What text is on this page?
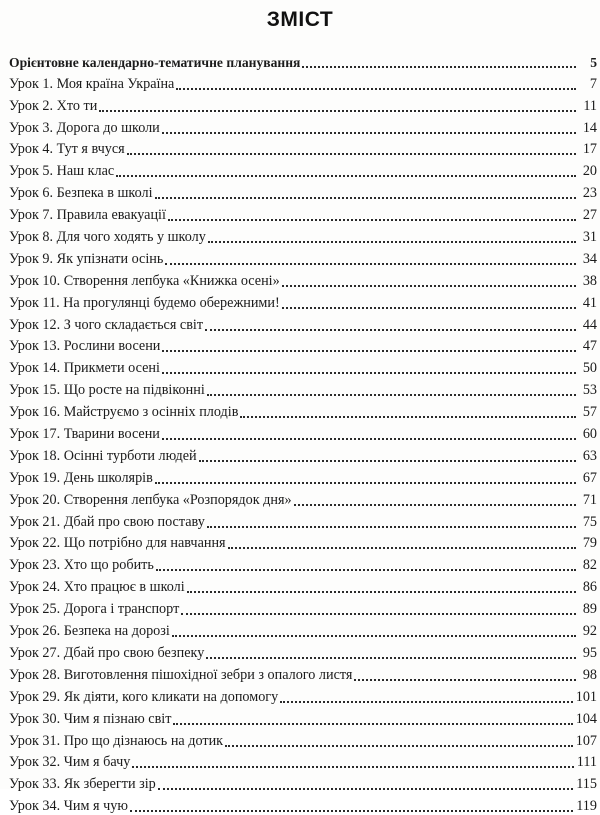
ЗМІСТ
Орієнтовне календарно-тематичне планування	5
Урок 1. Моя країна Україна	7
Урок 2. Хто ти	11
Урок 3. Дорога до школи	14
Урок 4. Тут я вчуся	17
Урок 5. Наш клас	20
Урок 6. Безпека в школі	23
Урок 7. Правила евакуації	27
Урок 8. Для чого ходять у школу	31
Урок 9. Як упізнати осінь	34
Урок 10. Створення лепбука «Книжка осені»	38
Урок 11. На прогулянці будемо обережними!	41
Урок 12. З чого складається світ	44
Урок 13. Рослини восени	47
Урок 14. Прикмети осені	50
Урок 15. Що росте на підвіконні	53
Урок 16. Майструємо з осінніх плодів	57
Урок 17. Тварини восени	60
Урок 18. Осінні турботи людей	63
Урок 19. День школярів	67
Урок 20. Створення лепбука «Розпорядок дня»	71
Урок 21. Дбай про свою поставу	75
Урок 22. Що потрібно для навчання	79
Урок 23. Хто що робить	82
Урок 24. Хто працює в школі	86
Урок 25. Дорога і транспорт	89
Урок 26. Безпека на дорозі	92
Урок 27. Дбай про свою безпеку	95
Урок 28. Виготовлення пішохідної зебри з опалого листя	98
Урок 29. Як діяти, кого кликати на допомогу	101
Урок 30. Чим я пізнаю світ	104
Урок 31. Про що дізнаюсь на дотик	107
Урок 32. Чим я бачу	111
Урок 33. Як зберегти зір	115
Урок 34. Чим я чую	119
